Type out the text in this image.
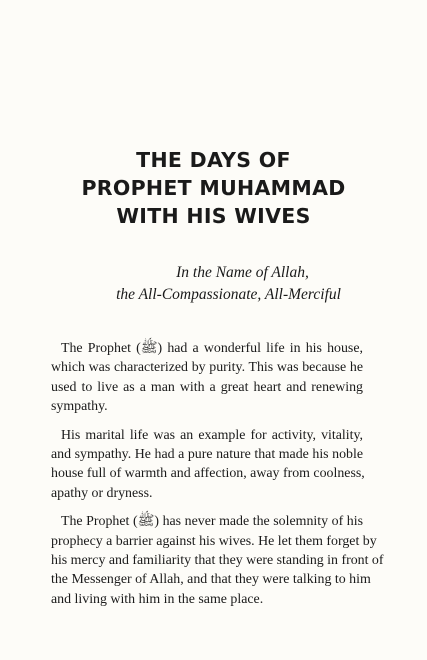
THE DAYS OF
PROPHET MUHAMMAD
WITH HIS WIVES
In the Name of Allah,
the All-Compassionate, All-Merciful

The Prophet (ﷺ) had a wonderful life in his house,
which was characterized by purity. This was because he
used to live as a man with a great heart and renewing
sympathy.

His marital life was an example for activity, vitality,
and sympathy. He had a pure nature that made his noble
house full of warmth and affection, away from coolness,
apathy or dryness.

The Prophet (ﷺ) has never made the solemnity of his
prophecy a barrier against his wives. He let them forget by
his mercy and familiarity that they were standing in front of
the Messenger of Allah, and that they were talking to him
and living with him in the same place.
